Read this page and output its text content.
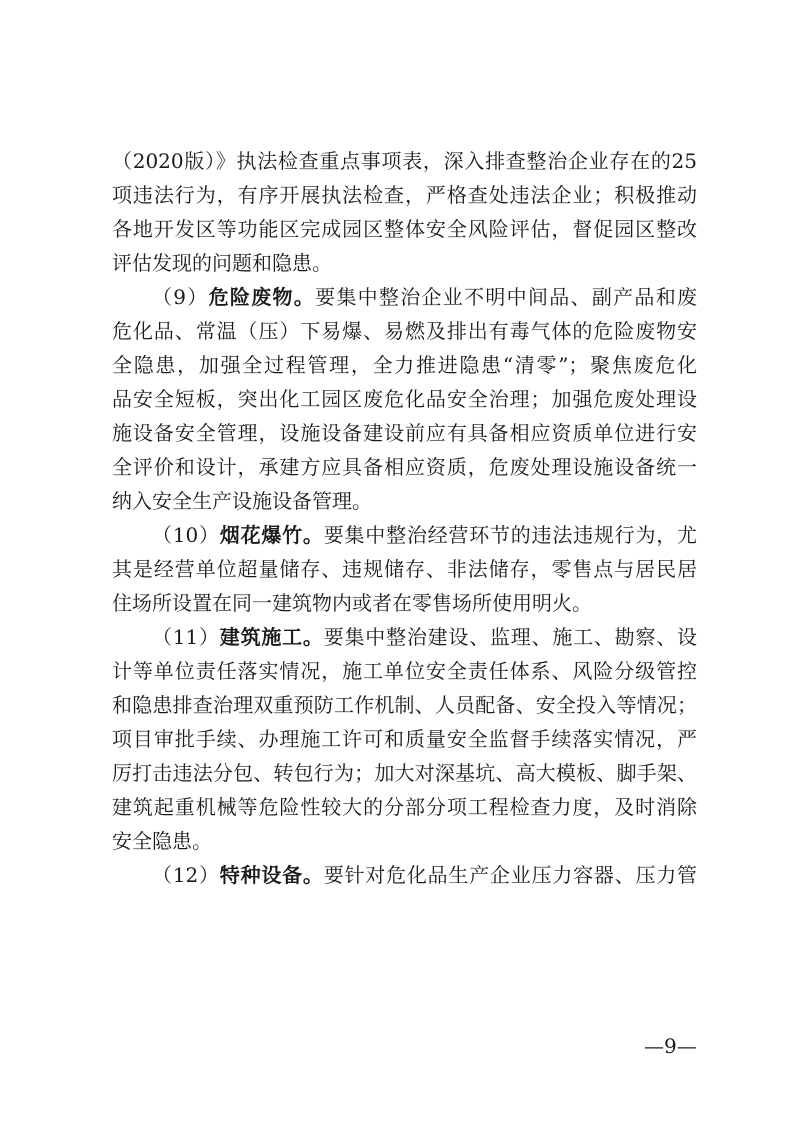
（2020版）》执法检查重点事项表，深入排查整治企业存在的25
项违法行为，有序开展执法检查，严格查处违法企业；积极推动
各地开发区等功能区完成园区整体安全风险评估，督促园区整改
评估发现的问题和隐患。
（9）危险废物。要集中整治企业不明中间品、副产品和废
危化品、常温（压）下易爆、易燃及排出有毒气体的危险废物安
全隐患，加强全过程管理，全力推进隐患“清零”；聚焦废危化
品安全短板，突出化工园区废危化品安全治理；加强危废处理设
施设备安全管理，设施设备建设前应有具备相应资质单位进行安
全评价和设计，承建方应具备相应资质，危废处理设施设备统一
纳入安全生产设施设备管理。
（10）烟花爆竹。要集中整治经营环节的违法违规行为，尤
其是经营单位超量储存、违规储存、非法储存，零售点与居民居
住场所设置在同一建筑物内或者在零售场所使用明火。
（11）建筑施工。要集中整治建设、监理、施工、勘察、设
计等单位责任落实情况，施工单位安全责任体系、风险分级管控
和隐患排查治理双重预防工作机制、人员配备、安全投入等情况；
项目审批手续、办理施工许可和质量安全监督手续落实情况，严
厉打击违法分包、转包行为；加大对深基坑、高大模板、脚手架、
建筑起重机械等危险性较大的分部分项工程检查力度，及时消除
安全隐患。
（12）特种设备。要针对危化品生产企业压力容器、压力管
—9—
